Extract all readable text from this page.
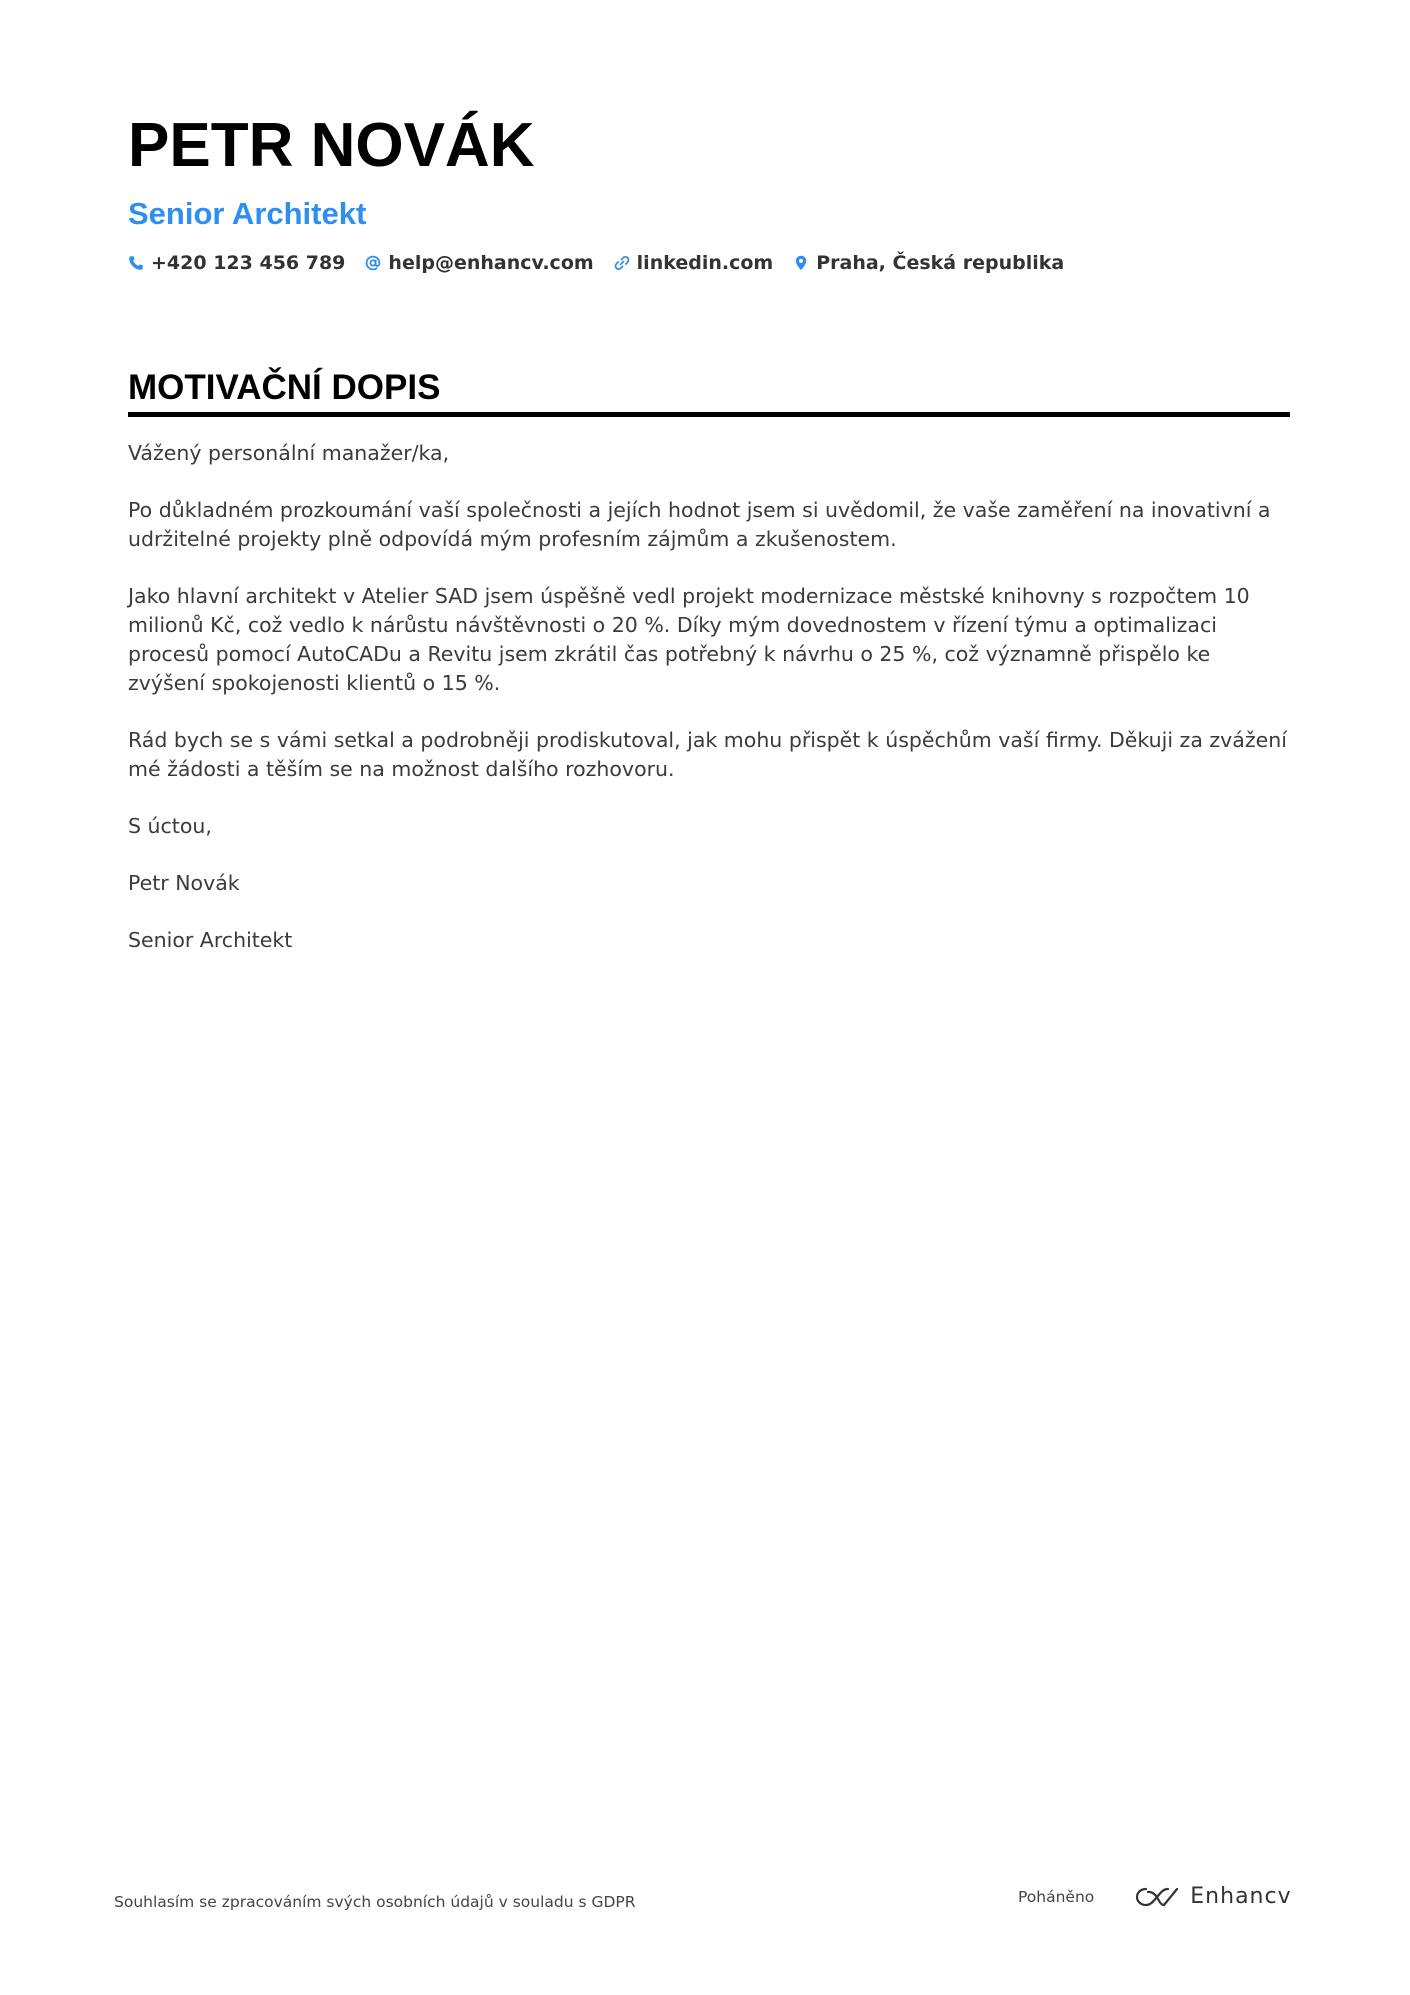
PETR NOVÁK
Senior Architekt
+420 123 456 789 help@enhancv.com linkedin.com Praha, Česká republika
MOTIVAČNÍ DOPIS

Vážený personální manažer/ka,

Po důkladném prozkoumání vaší společnosti a jejích hodnot jsem si uvědomil, že vaše zaměření na inovativní a udržitelné projekty plně odpovídá mým profesním zájmům a zkušenostem.

Jako hlavní architekt v Atelier SAD jsem úspěšně vedl projekt modernizace městské knihovny s rozpočtem 10 milionů Kč, což vedlo k nárůstu návštěvnosti o 20 %. Díky mým dovednostem v řízení týmu a optimalizaci procesů pomocí AutoCADu a Revitu jsem zkrátil čas potřebný k návrhu o 25 %, což významně přispělo ke zvýšení spokojenosti klientů o 15 %.

Rád bych se s vámi setkal a podrobněji prodiskutoval, jak mohu přispět k úspěchům vaší firmy. Děkuji za zvážení mé žádosti a těším se na možnost dalšího rozhovoru.

S úctou,

Petr Novák

Senior Architekt

Souhlasím se zpracováním svých osobních údajů v souladu s GDPR	Poháněno	Enhancv
